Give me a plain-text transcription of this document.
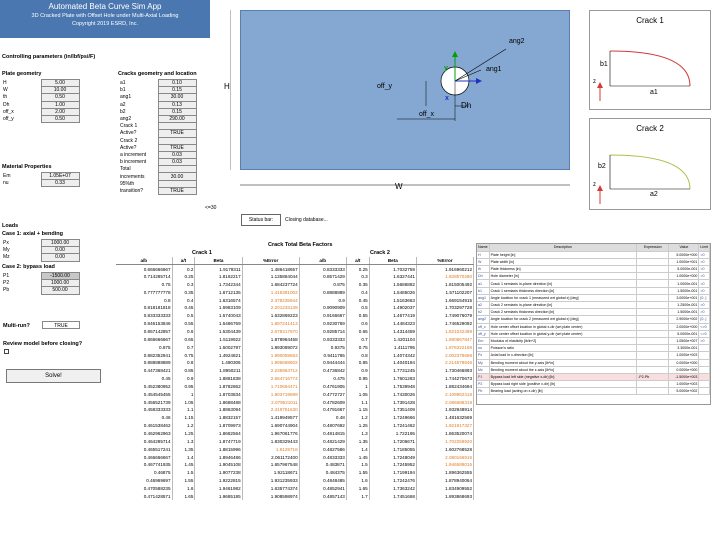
Automated Beta Curve Sim App
3D Cracked Plate with Offset Hole under Multi-Axial Loading
Copyright 2019 ESRD, Inc.
Controlling parameters (in/lbf/psi/F)
Plate geometry
H	5.00
W	10.00
th	0.50
Dh	1.00
off_x	2.00
off_y	0.50
Cracks geometry and location
a1	0.10
b1	0.15
ang1	30.00
a2	0.13
b2	0.15
ang2	290.00
Crack 1	
Active?	TRUE
Crack 2	
Active?	TRUE
a increment	0.03
b increment	0.03
Total	
increments	30.00
95%th	
transition?	TRUE
<=30
Material Properties
Em	1.05E+07
nu	0.33
Loads
Case 1: axial + bending
Px	1000.00
My	0.00
Mz	0.00
Case 2: bypass load
P1	-1500.00
P2	1000.00
Pb	500.00
Multi-run?	TRUE
Review model before closing?
Solve!
Status bar:	Closing database...
ang2
ang1
off_y
y
x
Dh
off_x
H
W
Crack 1
b1
a1
z
Crack 2
b2
a2
z
Crack Total Beta Factors
Crack 1	Crack 2
a/b	a/t	Beta	%Error	a/b	a/t	Beta	%Error
0.666666667	0.2	1.9179311	1.486418657	0.8333333	0.25	1.7032759	1.916960212
0.714285714	0.25	1.8162217	1.135884044	0.8571429	0.3	1.6327441	1.828570290
0.75	0.3	1.7342344	1.684237724	0.875	0.35	1.5686882	1.815005492
0.777777778	0.35	1.6712135	1.415391002	0.8888889	0.4	1.5485026	1.571102207
0.8	0.4	1.6316574	2.378235944	0.9	0.45	1.5163663	1.669154915
0.818181818	0.45	1.5983109	2.201233139	0.9090909	0.5	1.4902037	1.703297728
0.833333333	0.5	1.5740043	1.632869223	0.9166667	0.55	1.4677419	1.749076079
0.846153846	0.55	1.5486769	1.897241413	0.9230769	0.6	1.4484323	1.746529092
0.857142857	0.6	1.5304439	2.078317970	0.9285714	0.65	1.4314459	1.821042489
0.866666667	0.65	1.5119922	1.878984458	0.9333333	0.7	1.4201104	1.880867847
0.875	0.7	1.5002797	1.893089072	0.9375	0.75	1.4111795	1.876322168
0.882352941	0.75	1.4924821	1.990059653	0.9411765	0.8	1.4074342	2.002378698
0.888888889	0.8	1.490306	1.995688502	0.9444444	0.85	1.4040194	2.214578646
0.447368421	0.85	1.8950211	2.235964712	0.4736842	0.9	1.7731245	1.730466893
0.45	0.9	1.8881838	2.564716774	0.475	0.95	1.7601283	1.744270673
0.452380952	0.95	1.8782862	1.710694471	0.4761905	1	1.7539948	1.882434694
0.454545455	1	1.8703834	1.803719699	0.4772727	1.05	1.7430026	2.108962418
0.456521739	1.05	1.8688488	2.079521011	0.4782609	1.1	1.7391428	2.086688319
0.458333333	1.1	1.8863094	2.419751630	0.4791667	1.15	1.7351409	1.932948914
0.46	1.15	1.8832157	1.419949577	0.48	1.2	1.7249666	1.481632569
0.461538462	1.2	1.8709973	1.690744904	0.4807692	1.25	1.7241462	1.921917327
0.462962963	1.25	1.8682564	1.967061776	0.4814815	1.3	1.722195	1.863520074
0.464285714	1.3	1.8747719	1.830329443	0.4821429	1.35	1.7206671	1.702259920
0.465517241	1.35	1.8815996	1.9129718	0.4827586	1.4	1.7185055	1.602768528
0.466666667	1.4	1.8946486	2.061172400	0.4833333	1.45	1.7248049	2.080166915
0.467741935	1.45	1.9045108	1.657967548	0.483871	1.5	1.7245952	1.946589015
0.46875	1.5	1.9077238	1.92118671	0.484375	1.55	1.7199194	1.896362555
0.46969697	1.55	1.9222815	1.931235933	0.4848485	1.6	1.7242476	1.878940064
0.470588235	1.6	1.9461982	1.635774374	0.4852941	1.65	1.7363242	1.834909552
0.471428571	1.65	1.9685185	1.908598974	0.4857143	1.7	1.7451668	1.893868693
Name	Description	Expression	Value	Limit
H	Plate height [in]		5.0000e+000	>0
W	Plate width [in]		1.0000e+001	>0
th	Plate thickness [in]		5.0000e-001	>0
Dh	Hole diameter [in]		1.0000e+000	>0
a1	Crack 1 semiaxis in-plane direction [in]		1.0000e-001	>0
b1	Crack 1 semiaxis thickness direction [in]		1.5000e-001	>0
ang1	Angle location for crack 1 (measured wrt global x) [deg]		3.0000e+001	[0..]
a2	Crack 2 semiaxis in-plane direction [in]		1.2500e-001	>0
b2	Crack 2 semiaxis thickness direction [in]		1.5000e-001	>0
ang2	Angle location for crack 2 (measured wrt global x) [deg]		2.9000e+002	[0..]
off_x	Hole center offset location in global x-dir (wrt plate center)		2.0000e+000	<>0
off_y	Hole center offset location in global y-dir (wrt plate center)		5.0000e-001	<>0
Em	Modulus of elasticity [lb/in^2]		1.0500e+007	>0
nu	Poisson's ratio		3.3000e-001	
Px	Axial load in x-direction [lb]		1.0000e+003	
My	Bending moment about the y-axis [lb*in]		0.0000e+000	
Mz	Bending moment about the z-axis [lb*in]		0.0000e+000	
P1	Bypass load left side (negative x-dir) [lb]	-P2-Pb	-1.5000e+003	
P2	Bypass load right side (positive x-dir) [lb]		1.0000e+003	
Pb	Bearing load (acting on x-dir) [lb]		5.0000e+002	
